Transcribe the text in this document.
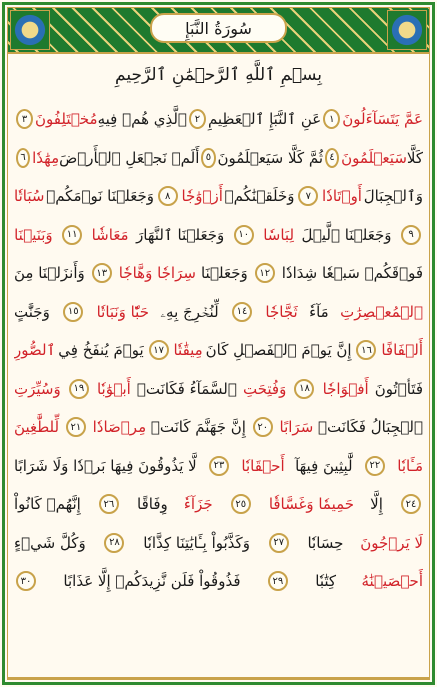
سُورَةُ النَّبَإِ
بِسۡمِ ٱللَّهِ ٱلرَّحۡمَٰنِ ٱلرَّحِيمِ
عَمَّ يَتَسَآءَلُونَ
١
عَنِ ٱلنَّبَإِ ٱلۡعَظِيمِ
٢
ٱلَّذِي هُمۡ فِيهِ
مُخۡتَلِفُونَ
٣
كَلَّا
سَيَعۡلَمُونَ
٤
ثُمَّ كَلَّا سَيَعۡلَمُونَ
٥
أَلَمۡ نَجۡعَلِ ٱلۡأَرۡضَ
مِهَٰدٗا
٦
وَٱلۡجِبَالَ
أَوۡتَادٗا
٧
وَخَلَقۡنَٰكُمۡ
أَزۡوَٰجٗا
٨
وَجَعَلۡنَا نَوۡمَكُمۡ
سُبَاتٗا
٩
وَجَعَلۡنَا ٱلَّيۡلَ
لِبَاسٗا
١٠
وَجَعَلۡنَا ٱلنَّهَارَ
مَعَاشٗا
١١
وَبَنَيۡنَا
فَوۡقَكُمۡ سَبۡعٗا شِدَادٗا
١٢
وَجَعَلۡنَا
سِرَاجٗا وَهَّاجٗا
١٣
وَأَنزَلۡنَا مِنَ
ٱلۡمُعۡصِرَٰتِ
مَآءٗ
ثَجَّاجٗا
١٤
لِّنُخۡرِجَ بِهِۦ
حَبّٗا وَنَبَاتٗا
١٥
وَجَنَّٰتٍ
أَلۡفَافًا
١٦
إِنَّ يَوۡمَ ٱلۡفَصۡلِ كَانَ
مِيقَٰتٗا
١٧
يَوۡمَ يُنفَخُ فِي
ٱلصُّورِ
فَتَأۡتُونَ
أَفۡوَاجٗا
١٨
وَفُتِحَتِ
ٱلسَّمَآءُ فَكَانَتۡ
أَبۡوَٰبٗا
١٩
وَسُيِّرَتِ
ٱلۡجِبَالُ فَكَانَتۡ
سَرَابًا
٢٠
إِنَّ جَهَنَّمَ كَانَتۡ
مِرۡصَادٗا
٢١
لِّلطَّٰغِينَ
مَـَٔابٗا
٢٢
لَّٰبِثِينَ فِيهَآ
أَحۡقَابٗا
٢٣
لَّا يَذُوقُونَ فِيهَا بَرۡدٗا وَلَا شَرَابًا
٢٤
إِلَّا
حَمِيمٗا وَغَسَّاقٗا
٢٥
جَزَآءٗ
وِفَاقًا
٢٦
إِنَّهُمۡ كَانُواْ
لَا يَرۡجُونَ
حِسَابٗا
٢٧
وَكَذَّبُواْ بِـَٔايَٰتِنَا كِذَّابٗا
٢٨
وَكُلَّ شَيۡءٍ
أَحۡصَيۡنَٰهُ
كِتَٰبٗا
٢٩
فَذُوقُواْ فَلَن نَّزِيدَكُمۡ إِلَّا عَذَابًا
٣٠
